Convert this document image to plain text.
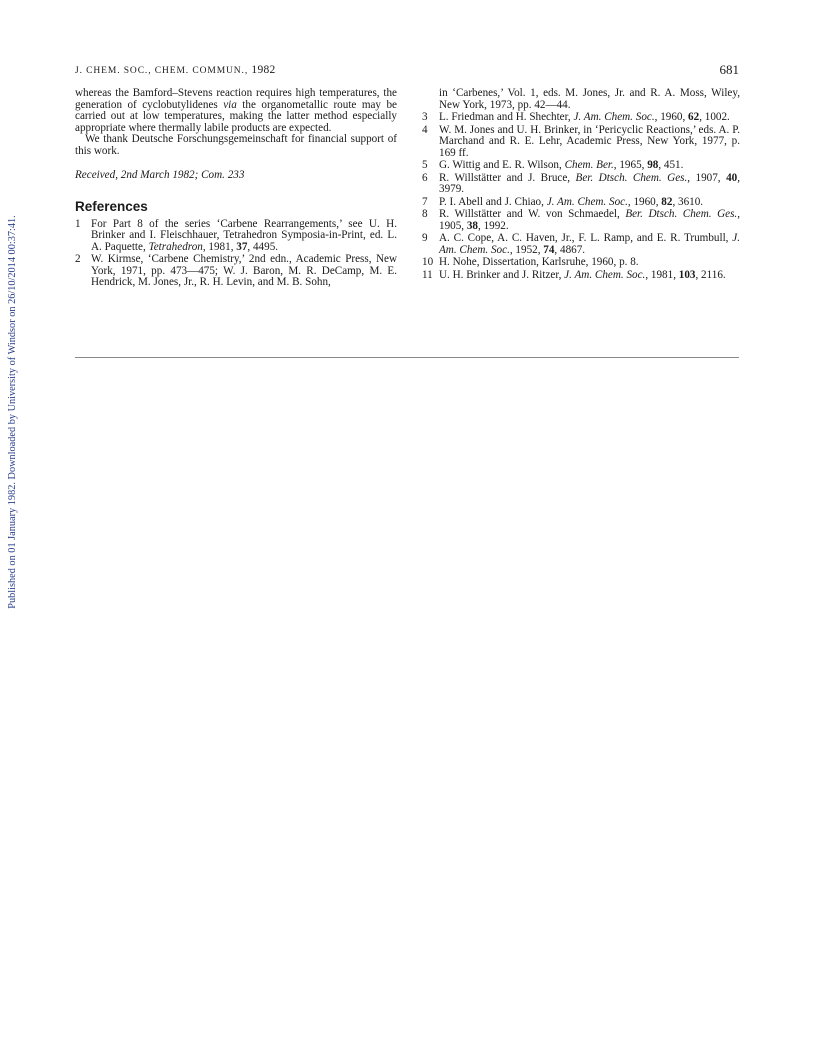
Published on 01 January 1982. Downloaded by University of Windsor on 26/10/2014 00:37:41.
J. CHEM. SOC., CHEM. COMMUN., 1982	681

whereas the Bamford–Stevens reaction requires high temperatures, the generation of cyclobutylidenes via the organometallic route may be carried out at low temperatures, making the latter method especially appropriate where thermally labile products are expected.

We thank Deutsche Forschungsgemeinschaft for financial support of this work.

Received, 2nd March 1982; Com. 233

References

1 For Part 8 of the series ‘Carbene Rearrangements,’ see U. H. Brinker and I. Fleischhauer, Tetrahedron Symposia-in-Print, ed. L. A. Paquette, Tetrahedron, 1981, 37, 4495.

2 W. Kirmse, ‘Carbene Chemistry,’ 2nd edn., Academic Press, New York, 1971, pp. 473—475; W. J. Baron, M. R. DeCamp, M. E. Hendrick, M. Jones, Jr., R. H. Levin, and M. B. Sohn,

in ‘Carbenes,’ Vol. 1, eds. M. Jones, Jr. and R. A. Moss, Wiley, New York, 1973, pp. 42—44.

3	L. Friedman and H. Shechter, J. Am. Chem. Soc., 1960, 62, 1002.

4	W. M. Jones and U. H. Brinker, in ‘Pericyclic Reactions,’ eds. A. P. Marchand and R. E. Lehr, Academic Press, New York, 1977, p. 169 ff.

5	G. Wittig and E. R. Wilson, Chem. Ber., 1965, 98, 451.

6	R. Willstätter and J. Bruce, Ber. Dtsch. Chem. Ges., 1907, 40, 3979.

7	P. I. Abell and J. Chiao, J. Am. Chem. Soc., 1960, 82, 3610.

8	R. Willstätter and W. von Schmaedel, Ber. Dtsch. Chem. Ges., 1905, 38, 1992.

9	A. C. Cope, A. C. Haven, Jr., F. L. Ramp, and E. R. Trumbull, J. Am. Chem. Soc., 1952, 74, 4867.

10 H. Nohe, Dissertation, Karlsruhe, 1960, p. 8.

11 U. H. Brinker and J. Ritzer, J. Am. Chem. Soc., 1981, 103, 2116.
